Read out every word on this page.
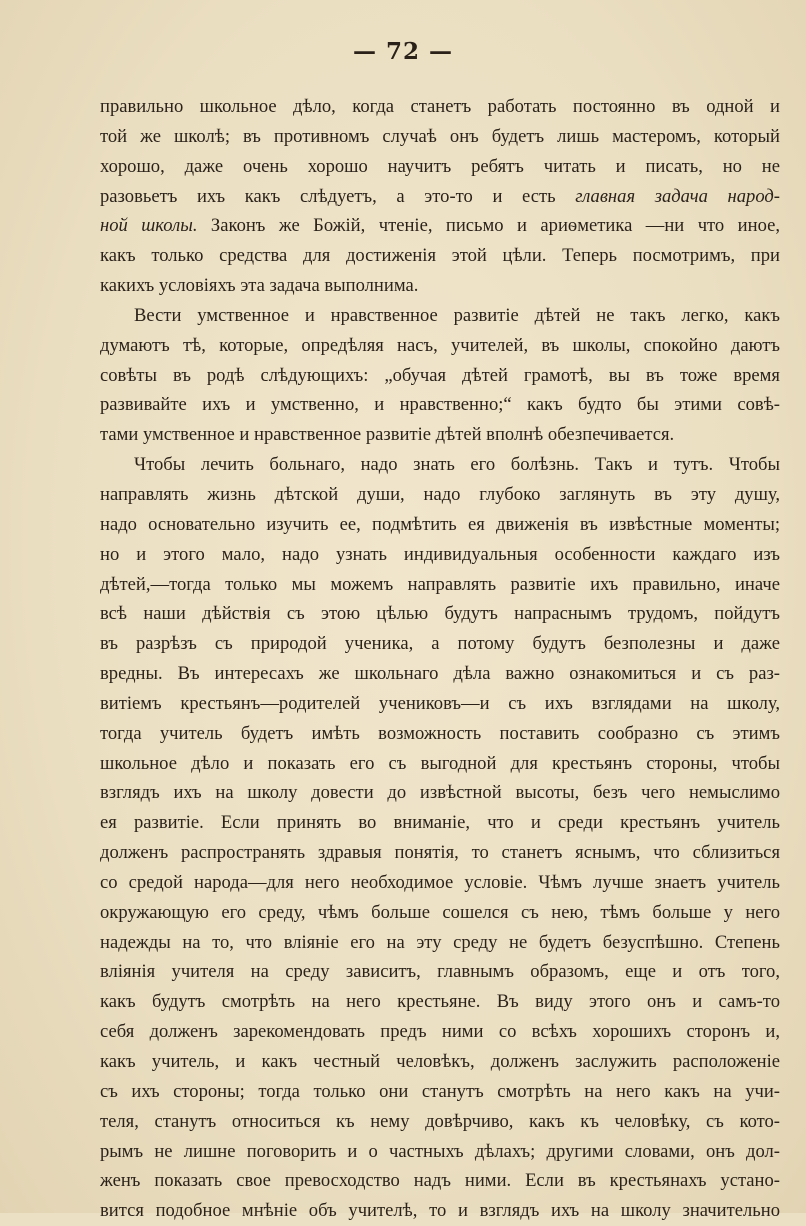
— 72 —
правильно школьное дѣло, когда станетъ работать постоянно въ одной и
той же школѣ; въ противномъ случаѣ онъ будетъ лишь мастеромъ, который
хорошо, даже очень хорошо научитъ ребятъ читать и писать, но не
разовьетъ ихъ какъ слѣдуетъ, а это-то и есть главная задача народ-
ной школы. Законъ же Божій, чтеніе, письмо и ариѳметика —ни что иное,
какъ только средства для достиженія этой цѣли. Теперь посмотримъ, при
какихъ условіяхъ эта задача выполнима.
Вести умственное и нравственное развитіе дѣтей не такъ легко, какъ
думаютъ тѣ, которые, опредѣляя насъ, учителей, въ школы, спокойно даютъ
совѣты въ родѣ слѣдующихъ: „обучая дѣтей грамотѣ, вы въ тоже время
развивайте ихъ и умственно, и нравственно;“ какъ будто бы этими совѣ-
тами умственное и нравственное развитіе дѣтей вполнѣ обезпечивается.
Чтобы лечить больнаго, надо знать его болѣзнь. Такъ и тутъ. Чтобы
направлять жизнь дѣтской души, надо глубоко заглянуть въ эту душу,
надо основательно изучить ее, подмѣтить ея движенія въ извѣстные моменты;
но и этого мало, надо узнать индивидуальныя особенности каждаго изъ
дѣтей,—тогда только мы можемъ направлять развитіе ихъ правильно, иначе
всѣ наши дѣйствія съ этою цѣлью будутъ напраснымъ трудомъ, пойдутъ
въ разрѣзъ съ природой ученика, а потому будутъ безполезны и даже
вредны. Въ интересахъ же школьнаго дѣла важно ознакомиться и съ раз-
витіемъ крестьянъ—родителей учениковъ—и съ ихъ взглядами на школу,
тогда учитель будетъ имѣть возможность поставить сообразно съ этимъ
школьное дѣло и показать его съ выгодной для крестьянъ стороны, чтобы
взглядъ ихъ на школу довести до извѣстной высоты, безъ чего немыслимо
ея развитіе. Если принять во вниманіе, что и среди крестьянъ учитель
долженъ распространять здравыя понятія, то станетъ яснымъ, что сблизиться
со средой народа—для него необходимое условіе. Чѣмъ лучше знаетъ учитель
окружающую его среду, чѣмъ больше сошелся съ нею, тѣмъ больше у него
надежды на то, что вліяніе его на эту среду не будетъ безуспѣшно. Степень
вліянія учителя на среду зависитъ, главнымъ образомъ, еще и отъ того,
какъ будутъ смотрѣть на него крестьяне. Въ виду этого онъ и самъ-то
себя долженъ зарекомендовать предъ ними со всѣхъ хорошихъ сторонъ и,
какъ учитель, и какъ честный человѣкъ, долженъ заслужить расположеніе
съ ихъ стороны; тогда только они станутъ смотрѣть на него какъ на учи-
теля, станутъ относиться къ нему довѣрчиво, какъ къ человѣку, съ кото-
рымъ не лишне поговорить и о частныхъ дѣлахъ; другими словами, онъ дол-
женъ показать свое превосходство надъ ними. Если въ крестьянахъ устано-
вится подобное мнѣніе объ учителѣ, то и взглядъ ихъ на школу значительно
